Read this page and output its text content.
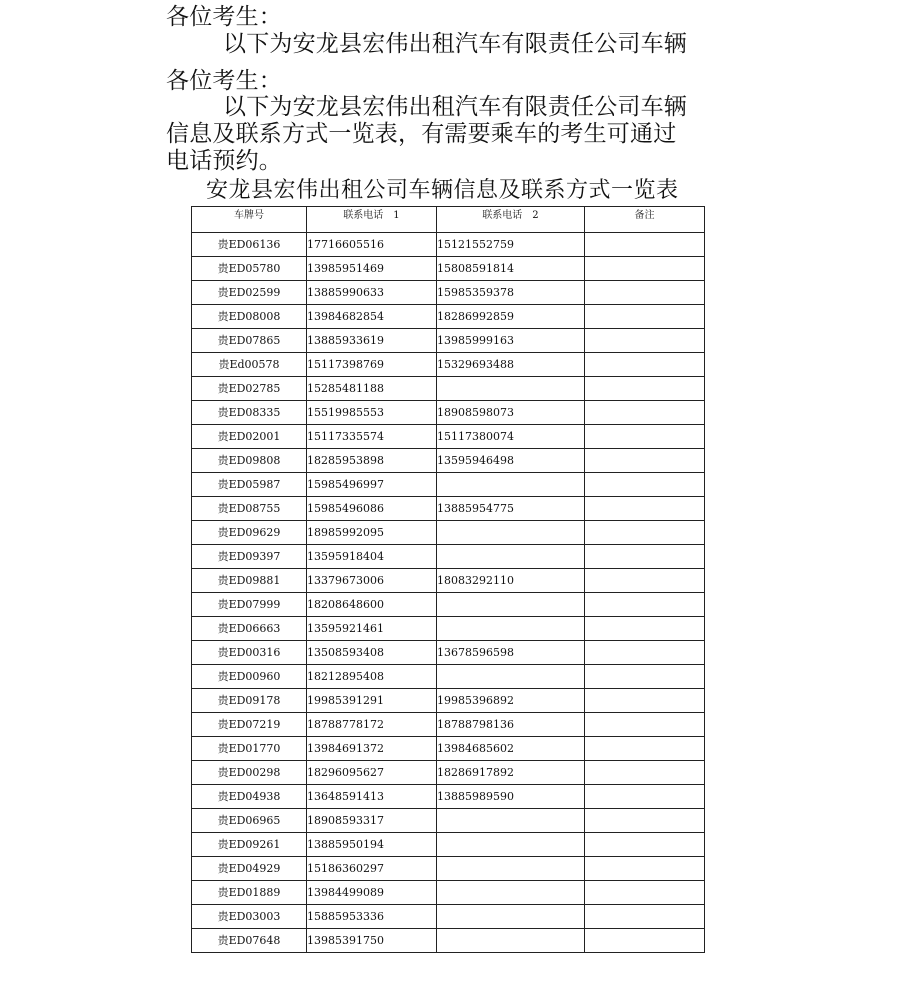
各位考生：
以下为安龙县宏伟出租汽车有限责任公司车辆
各位考生：
以下为安龙县宏伟出租汽车有限责任公司车辆
信息及联系方式一览表，有需要乘车的考生可通过
电话预约。
安龙县宏伟出租公司车辆信息及联系方式一览表
车牌号	联系电话　1	联系电话　2	备注
贵ED06136	17716605516	15121552759	
贵ED05780	13985951469	15808591814	
贵ED02599	13885990633	15985359378	
贵ED08008	13984682854	18286992859	
贵ED07865	13885933619	13985999163	
贵Ed00578	15117398769	15329693488	
贵ED02785	15285481188		
贵ED08335	15519985553	18908598073	
贵ED02001	15117335574	15117380074	
贵ED09808	18285953898	13595946498	
贵ED05987	15985496997		
贵ED08755	15985496086	13885954775	
贵ED09629	18985992095		
贵ED09397	13595918404		
贵ED09881	13379673006	18083292110	
贵ED07999	18208648600		
贵ED06663	13595921461		
贵ED00316	13508593408	13678596598	
贵ED00960	18212895408		
贵ED09178	19985391291	19985396892	
贵ED07219	18788778172	18788798136	
贵ED01770	13984691372	13984685602	
贵ED00298	18296095627	18286917892	
贵ED04938	13648591413	13885989590	
贵ED06965	18908593317		
贵ED09261	13885950194		
贵ED04929	15186360297		
贵ED01889	13984499089		
贵ED03003	15885953336		
贵ED07648	13985391750		
